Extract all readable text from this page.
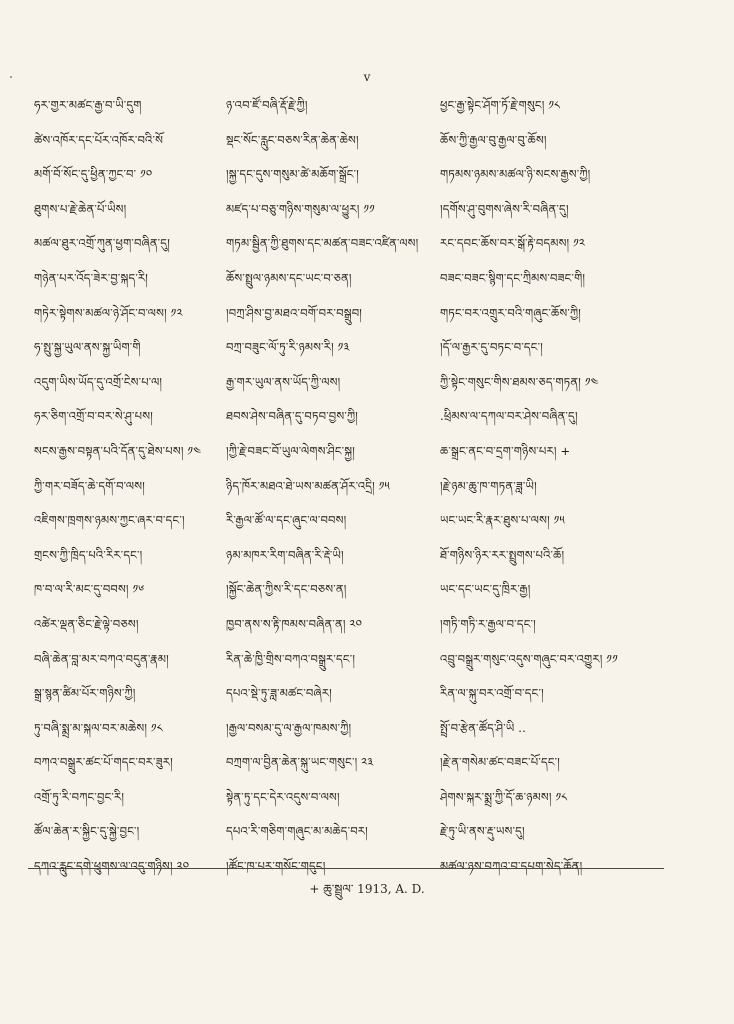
v
ཧར་གྱར་མཚང་རྒྱ་བ་ཡི་དུག
ཚེས་འཁོར་དང་པོར་འཁོར་བའི་སོ
མགོ་བོ་སོང་དུ་ཕྱིན་ཀྱང་བ་ ༡༠
ཐུགས་པ་རྗེ་ཆེན་པོ་ཡིས།
མཚལ་ཐུར་འགྲོ་ཀུན་ཕྱག་བཞིན་དུ།
གཉེན་པར་འོད་ཟེར་བྱ་སྐད་རི།
གཏེར་སྟེགས་མཚལ་ཉེ་ཤོང་བ་ལས། ༡༢
ཧ་སྤུ་སྐྱ་ཡུལ་ནས་སྐྱ་ཡིག་གི
འདུག་ཡིས་ཡོད་དུ་འགྲོ་ངེས་པ་ལ།
ཧར་ཅིག་འགྲོ་བ་བར་སེ་ཤུ་པས།
སངས་རྒྱས་བསྟན་པའི་དོན་དུ་ཐེས་པས། ༡༤
ཀྱི་གར་བཟོད་ཆེ་དགོ་བ་ལས།
འཇིགས་ཁྲགས་ཉམས་ཀྱང་ཞར་བ་དང་།
གྲངས་ཀྱི་ཁྲིད་པའི་རིར་དང་།
ཁ་བ་ལ་རི་མང་དུ་བབས། ༡༦
འཚེར་ལྡན་ཅིང་རྗེ་ལྟེ་བཅས།
བཞི་ཆེན་བླ་མར་བཀའ་བདུན་རྣམ།
སྒྲ་སྙན་ཚིམ་པོར་གཉིས་ཀྱི།
ཏུ་བཞི་སྨྲ་མ་སྐལ་བར་མཆེས། ༡༨
བཀའ་བསྒྲུར་ཚང་པོ་གདང་བར་ཟུར།
འགྲོ་ཏུ་རི་བཀང་བྱང་རི།
ཚོལ་ཆེན་ར་སྐྱིང་དུ་སྐྱེ་བྱང་།
དཀའ་རླུང་དགེ་ཕྲུགས་ལ་འདུ་གཉིས། ༢༠
ཉ་འབ་ཛོ་བཞི་རྡོ་རྗེ་ཀྱི།
སྡང་སོང་རླུང་བཅས་རིན་ཆེན་ཆེས།
།སྐྱ་དང་དུས་གསུམ་ཚེ་མཆོག་སྒྲོང་།
མཛད་པ་བཅུ་གཉིས་གསུམ་ལ་ཕྱུར། ༡༡
གཏམ་སྦྱིན་ཀྱི་ཐུགས་དང་མཚན་བཟང་འཛིན་ལས།
ཆོས་སྤྲུལ་ཉམས་དང་ཡང་བ་ཅན།
།བཀྲ་ཤིས་བྱ་མཐའ་བགོ་བར་བསྒྲུབ།
བཀྲ་བཟུང་ལོ་ཏུ་རི་ཉམས་རི། ༡༣
རྒྱ་གར་ཡུལ་ནས་ཡོད་ཀྱི་ལས།
ཐབས་ཤེས་བཞིན་དུ་བཏབ་བྱས་ཀྱི།
།ཀྱི་རྗེ་བཟང་བོ་ཡུལ་ལེགས་ཤིང་སྐྱ།
ཉིད་ཁོར་མཐའ་ཐེ་ཡས་མཚན་ཤོར་འདྲི། ༡༥
རི་རྒྱལ་ཚོ་ལ་དང་ཞུང་ལ་བབས།
ཉམ་མཁར་རིག་བཞིན་རི་རྡེ་ཡི།
།སྐྱོང་ཆེན་ཀྱིས་རི་དང་བཅས་ན།
ཁྱབ་ནས་ས་རྟི་ཁམས་བཞིན་ན། ༢༠
རིན་ཆེ་ཁྱི་གྲིས་བཀའ་བསྒྲུར་དང་།
དཔའ་སྡེ་ཏུ་ཟླ་མཚང་བཞེར།
།རྒྱལ་བསམ་དུ་ལ་རྒྱལ་ཁམས་ཀྱི།
བཀྲག་ལ་བྱིན་ཆེན་སྐུ་ཡང་གསུང་། ༢༣
སྟེན་ཏུ་དང་དེར་འདུས་བ་ལས།
དཔའ་རི་གཅིག་གཞུང་མ་མཆེད་བར།
།ཚོང་ཁ་པར་གསོང་གདུང།
ཕྱང་རྒྱ་སྟེང་ཤོག་ཏོ་རྗེ་གསུང། ༡༨
ཆོས་ཀྱི་རྒྱལ་བུ་རྒྱལ་བུ་ཆོས།
གཏམས་ཉམས་མཚལ་ཉི་སངས་རྒྱས་ཀྱི།
།དགོས་ཤུ་བུགས་ཞེས་རི་བཞིན་དུ།
རང་དབང་ཆོས་བར་སྒོ་རྟེ་བདམས། ༡༢
བཟང་བཟང་སྙིག་དང་ཀྲིམས་བཟང་གི།
གཏང་བར་འགྲུར་བའི་གཞུང་ཆོས་ཀྱི།
།དོ་ལ་རྒྱར་དུ་བཏང་བ་དང་།
ཀྱི་སྟེང་གསུང་གིས་ཐམས་ཅད་གཏན། ༡༤
.ཕྲིམས་ལ་དཀལ་བར་ཤེས་བཞིན་དུ།
ཆ་སྒྲང་ནང་བ་དྲག་གཉིས་པར། +
།རྗེ་ཉམ་ཆུ་ཁ་གཏན་ཟླ་ཡི།
ཡང་ཡང་རི་རྣར་ཐུས་པ་ལས། ༡༥
ཐོ་གཉིས་ཉིར་རར་སྤྲུགས་པའི་ཆོ།
ཡང་དང་ཡང་དུ་ཁྲིར་རྒྱ།
།གཏི་གཏི་ར་རྒྱལ་བ་དང་།
འབྲུ་བསྒྲུར་གསུང་འདུས་གཞུང་བར་འགྱུར། ༡༡
རིན་ལ་སྐུ་བར་འགྲོ་བ་དང་།
སྤྲོ་བ་རྩེན་ཚོད་ཤི་ཡི ..
།རྗེ་ན་གསེམ་ཚང་བཟང་པོ་དང་།
ཤེགས་སྐར་སྨྲ་ཀྱི་དོ་ཆ་ཉམས། ༡༨
རྗེ་ཏུ་ཡི་ནས་རྡུ་ཡས་དུ།
མཚལ་ཉས་བཀའ་བ་དཔག་སེད་ཆོན།
+ ཆུ་སྦྲུལ་ 1913, A. D.
